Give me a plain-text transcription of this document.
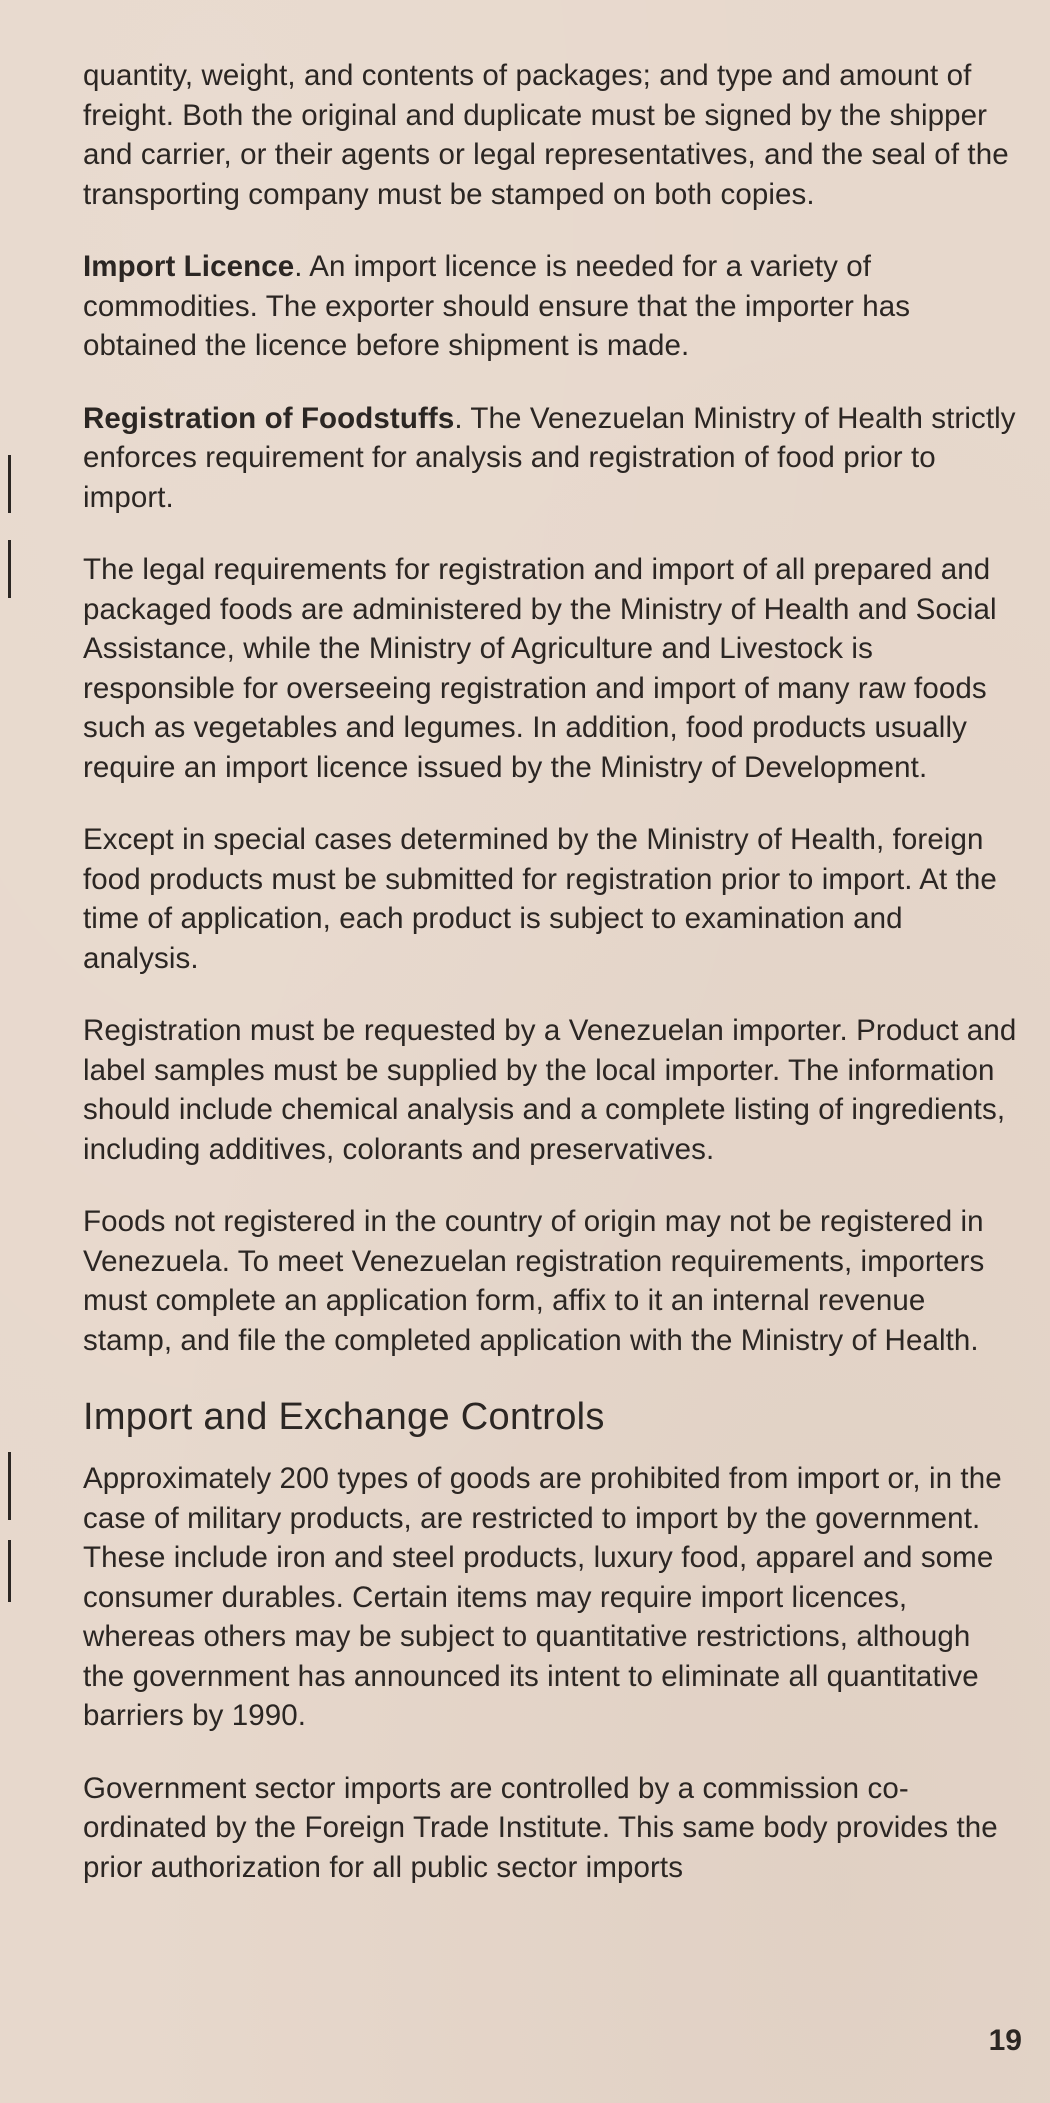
quantity, weight, and contents of packages; and type and amount of freight. Both the original and duplicate must be signed by the shipper and carrier, or their agents or legal representatives, and the seal of the transporting company must be stamped on both copies.

Import Licence. An import licence is needed for a variety of commodities. The exporter should ensure that the importer has obtained the licence before shipment is made.

Registration of Foodstuffs. The Venezuelan Ministry of Health strictly enforces requirement for analysis and registration of food prior to import.

The legal requirements for registration and import of all prepared and packaged foods are administered by the Ministry of Health and Social Assistance, while the Ministry of Agriculture and Livestock is responsible for overseeing registration and import of many raw foods such as vegetables and legumes. In addition, food products usually require an import licence issued by the Ministry of Development.

Except in special cases determined by the Ministry of Health, foreign food products must be submitted for registration prior to import. At the time of application, each product is subject to examination and analysis.

Registration must be requested by a Venezuelan importer. Product and label samples must be supplied by the local importer. The information should include chemical analysis and a complete listing of ingredients, including additives, colorants and preservatives.

Foods not registered in the country of origin may not be registered in Venezuela. To meet Venezuelan registration requirements, importers must complete an application form, affix to it an internal revenue stamp, and file the completed application with the Ministry of Health.

Import and Exchange Controls

Approximately 200 types of goods are prohibited from import or, in the case of military products, are restricted to import by the government. These include iron and steel products, luxury food, apparel and some consumer durables. Certain items may require import licences, whereas others may be subject to quantitative restrictions, although the government has announced its intent to eliminate all quantitative barriers by 1990.

Government sector imports are controlled by a commission co-ordinated by the Foreign Trade Institute. This same body provides the prior authorization for all public sector imports

19
